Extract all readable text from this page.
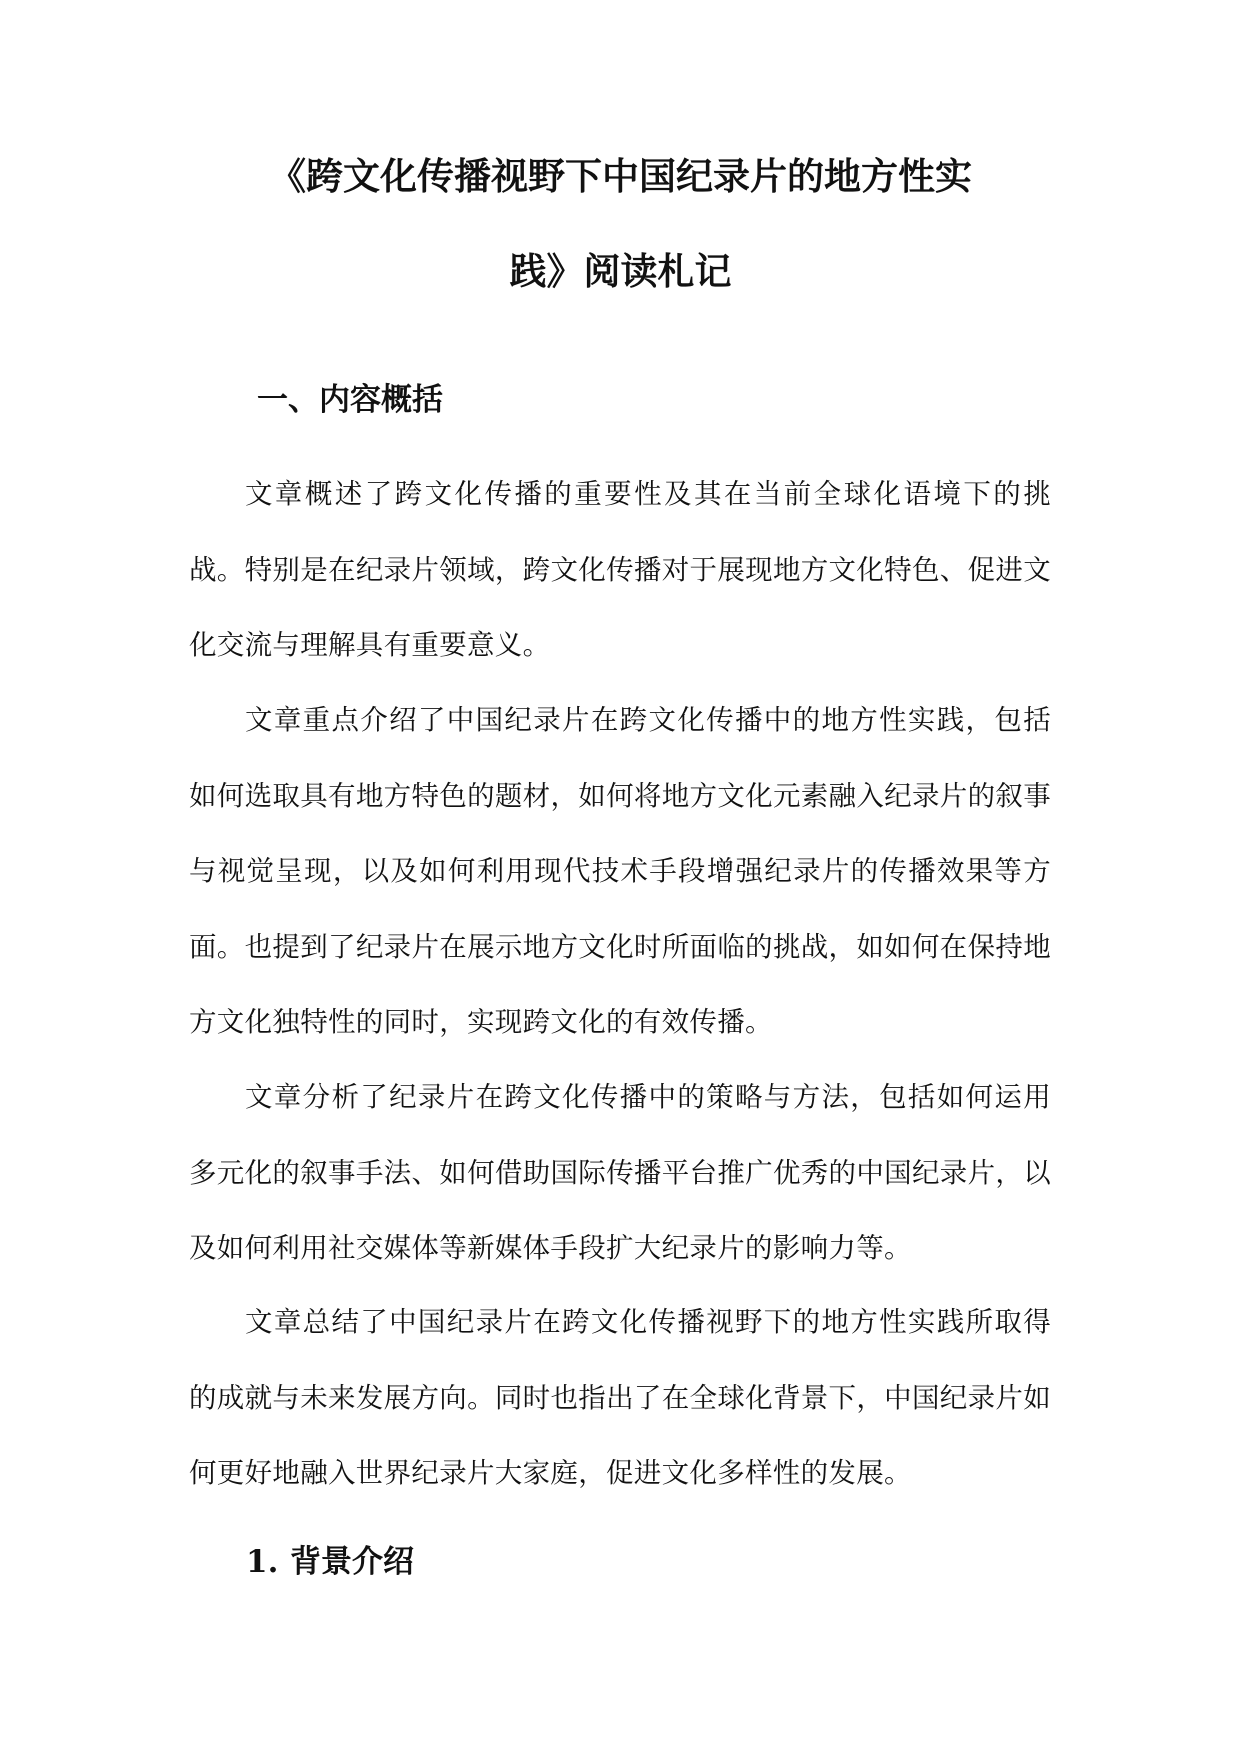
《跨文化传播视野下中国纪录片的地方性实
践》阅读札记
一、内容概括
文章概述了跨文化传播的重要性及其在当前全球化语境下的挑战。特别是在纪录片领域，跨文化传播对于展现地方文化特色、促进文化交流与理解具有重要意义。
文章重点介绍了中国纪录片在跨文化传播中的地方性实践，包括如何选取具有地方特色的题材，如何将地方文化元素融入纪录片的叙事与视觉呈现，以及如何利用现代技术手段增强纪录片的传播效果等方面。也提到了纪录片在展示地方文化时所面临的挑战，如如何在保持地方文化独特性的同时，实现跨文化的有效传播。
文章分析了纪录片在跨文化传播中的策略与方法，包括如何运用多元化的叙事手法、如何借助国际传播平台推广优秀的中国纪录片，以及如何利用社交媒体等新媒体手段扩大纪录片的影响力等。
文章总结了中国纪录片在跨文化传播视野下的地方性实践所取得的成就与未来发展方向。同时也指出了在全球化背景下，中国纪录片如何更好地融入世界纪录片大家庭，促进文化多样性的发展。
1. 背景介绍
